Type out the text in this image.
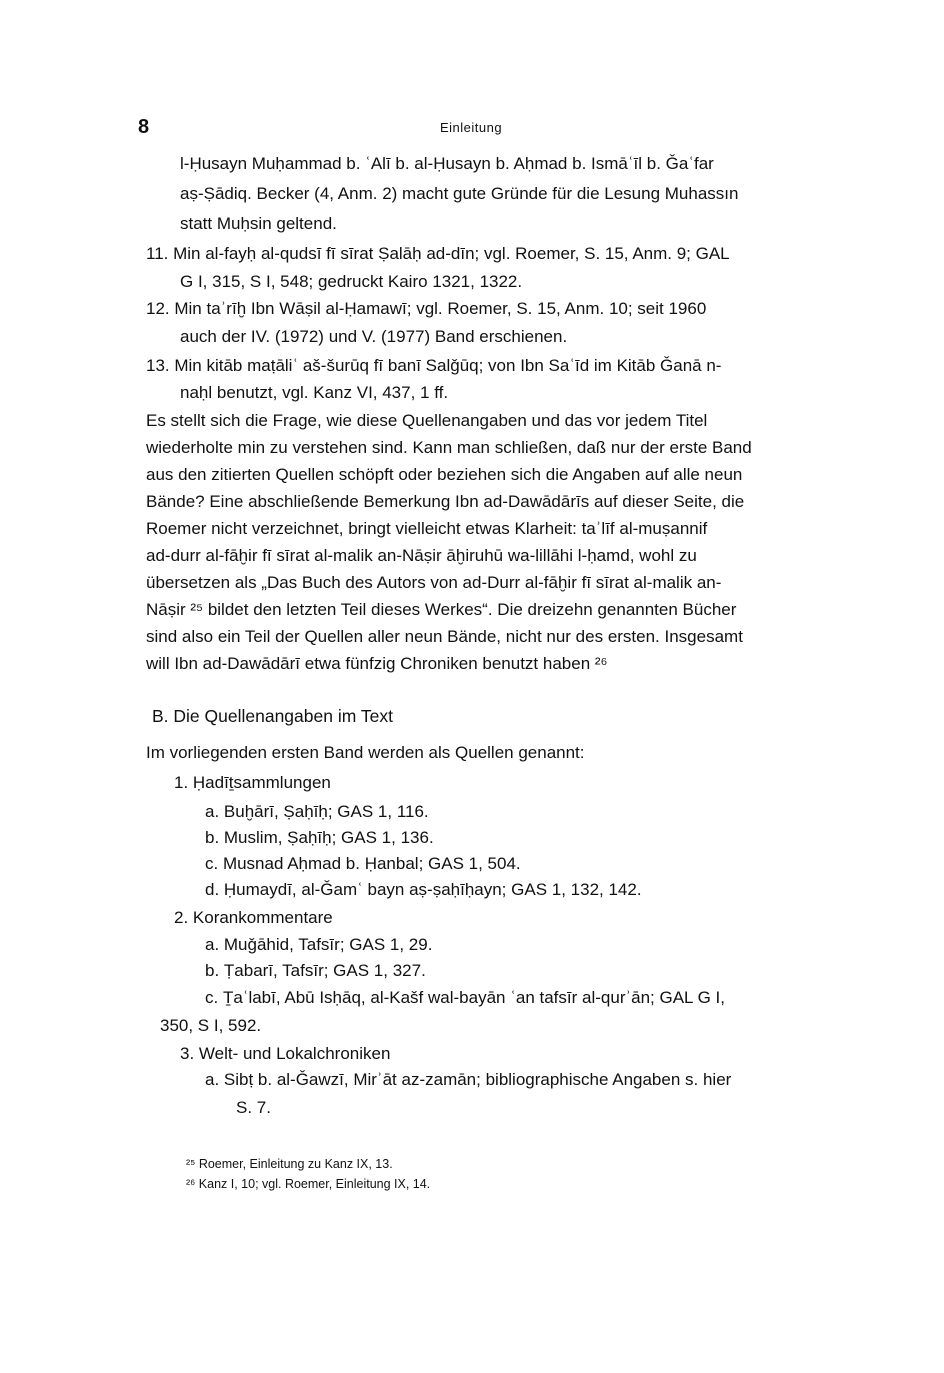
8	Einleitung
l-Ḥusayn Muḥammad b. ʿAlī b. al-Ḥusayn b. Aḥmad b. Ismāʿīl b. Ǧaʿfar
aṣ-Ṣādiq. Becker (4, Anm. 2) macht gute Gründe für die Lesung Muhassın
statt Muḥsin geltend.
11. Min al-fayḥ al-qudsī fī sīrat Ṣalāḥ ad-dīn; vgl. Roemer, S. 15, Anm. 9; GAL
G I, 315, S I, 548; gedruckt Kairo 1321, 1322.
12. Min taʾrīḫ Ibn Wāṣil al-Ḥamawī; vgl. Roemer, S. 15, Anm. 10; seit 1960
auch der IV. (1972) und V. (1977) Band erschienen.
13. Min kitāb maṭāliʿ aš-šurūq fī banī Salǧūq; von Ibn Saʿīd im Kitāb Ǧanā n-
naḥl benutzt, vgl. Kanz VI, 437, 1 ff.
Es stellt sich die Frage, wie diese Quellenangaben und das vor jedem Titel
wiederholte min zu verstehen sind. Kann man schließen, daß nur der erste Band
aus den zitierten Quellen schöpft oder beziehen sich die Angaben auf alle neun
Bände? Eine abschließende Bemerkung Ibn ad-Dawādārīs auf dieser Seite, die
Roemer nicht verzeichnet, bringt vielleicht etwas Klarheit: taʾlīf al-muṣannif
ad-durr al-fāḫir fī sīrat al-malik an-Nāṣir āḫiruhū wa-lillāhi l-ḥamd, wohl zu
übersetzen als „Das Buch des Autors von ad-Durr al-fāḫir fī sīrat al-malik an-
Nāṣir ²⁵ bildet den letzten Teil dieses Werkes“. Die dreizehn genannten Bücher
sind also ein Teil der Quellen aller neun Bände, nicht nur des ersten. Insgesamt
will Ibn ad-Dawādārī etwa fünfzig Chroniken benutzt haben ²⁶
B. Die Quellenangaben im Text
Im vorliegenden ersten Band werden als Quellen genannt:
1. Ḥadīṯsammlungen
a. Buḫārī, Ṣaḥīḥ; GAS 1, 116.
b. Muslim, Ṣaḥīḥ; GAS 1, 136.
c. Musnad Aḥmad b. Ḥanbal; GAS 1, 504.
d. Ḥumaydī, al-Ǧamʿ bayn aṣ-ṣaḥīḥayn; GAS 1, 132, 142.
2. Korankommentare
a. Muǧāhid, Tafsīr; GAS 1, 29.
b. Ṭabarī, Tafsīr; GAS 1, 327.
c. Ṯaʿlabī, Abū Isḥāq, al-Kašf wal-bayān ʿan tafsīr al-qurʾān; GAL G I,
350, S I, 592.
3. Welt- und Lokalchroniken
a. Sibṭ b. al-Ǧawzī, Mirʾāt az-zamān; bibliographische Angaben s. hier
S. 7.
²⁵ Roemer, Einleitung zu Kanz IX, 13.
²⁶ Kanz I, 10; vgl. Roemer, Einleitung IX, 14.
